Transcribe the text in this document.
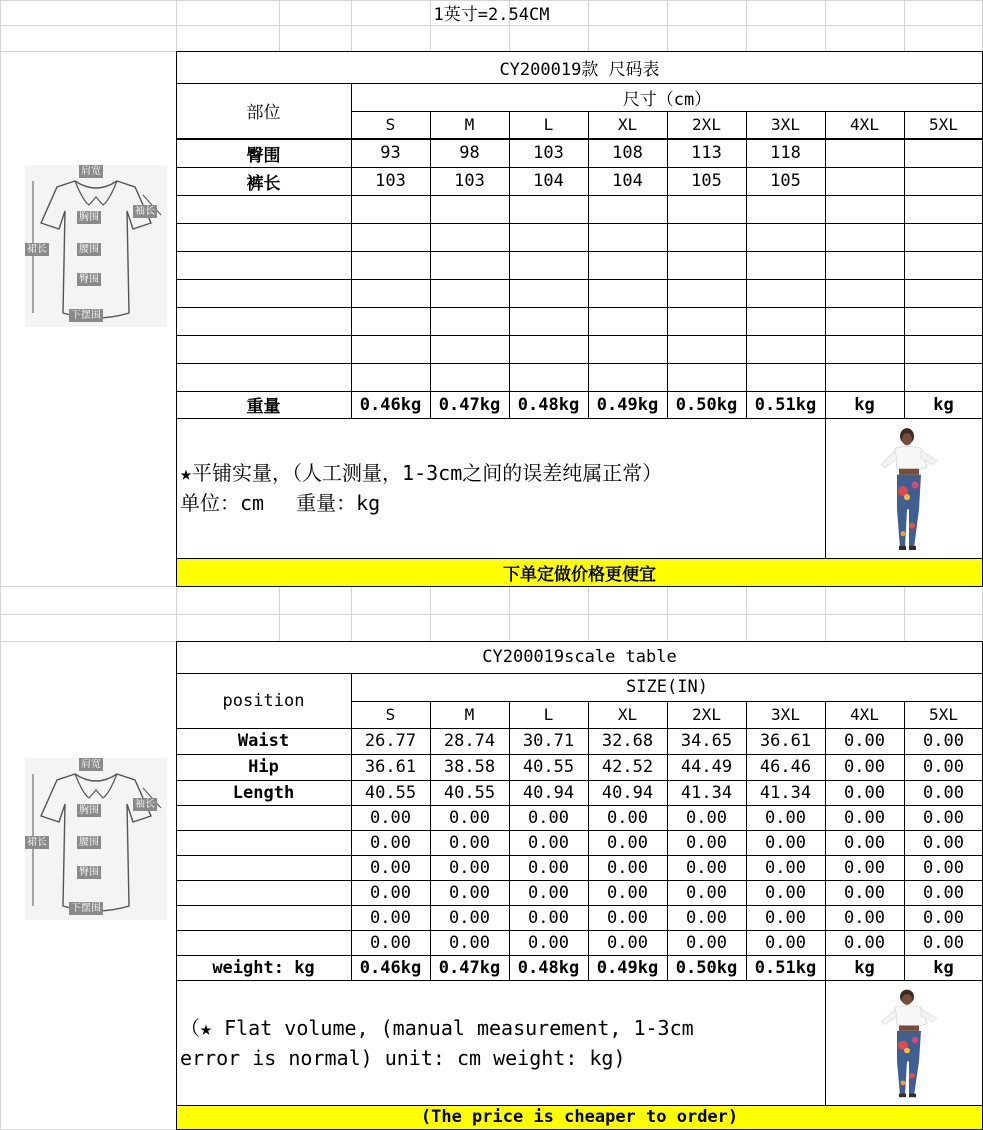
1英寸=2.54CM
CY200019款 尺码表
部位
尺寸（cm）
S	M	L	XL	2XL	3XL	4XL	5XL
臀围	93	98	103	108	113	118
裤长	103	103	104	104	105	105
重量	0.46kg	0.47kg	0.48kg	0.49kg	0.50kg	0.51kg	kg	kg
★平铺实量，（人工测量，1-3cm之间的误差纯属正常）
单位：cm　 重量：kg
下单定做价格更便宜
CY200019scale table
position
SIZE(IN)
S	M	L	XL	2XL	3XL	4XL	5XL
Waist	26.77	28.74	30.71	32.68	34.65	36.61	0.00	0.00
Hip	36.61	38.58	40.55	42.52	44.49	46.46	0.00	0.00
Length	40.55	40.55	40.94	40.94	41.34	41.34	0.00	0.00
0.00	0.00	0.00	0.00	0.00	0.00	0.00	0.00
0.00	0.00	0.00	0.00	0.00	0.00	0.00	0.00
0.00	0.00	0.00	0.00	0.00	0.00	0.00	0.00
0.00	0.00	0.00	0.00	0.00	0.00	0.00	0.00
0.00	0.00	0.00	0.00	0.00	0.00	0.00	0.00
0.00	0.00	0.00	0.00	0.00	0.00	0.00	0.00
weight: kg	0.46kg	0.47kg	0.48kg	0.49kg	0.50kg	0.51kg	kg	kg
（★ Flat volume, (manual measurement, 1-3cm
error is normal) unit: cm weight: kg)
(The price is cheaper to order)
肩宽
袖长
胸围
裙长	腰围
臀围
下摆围
肩宽
袖长
胸围
裙长	腰围
臀围
下摆围
